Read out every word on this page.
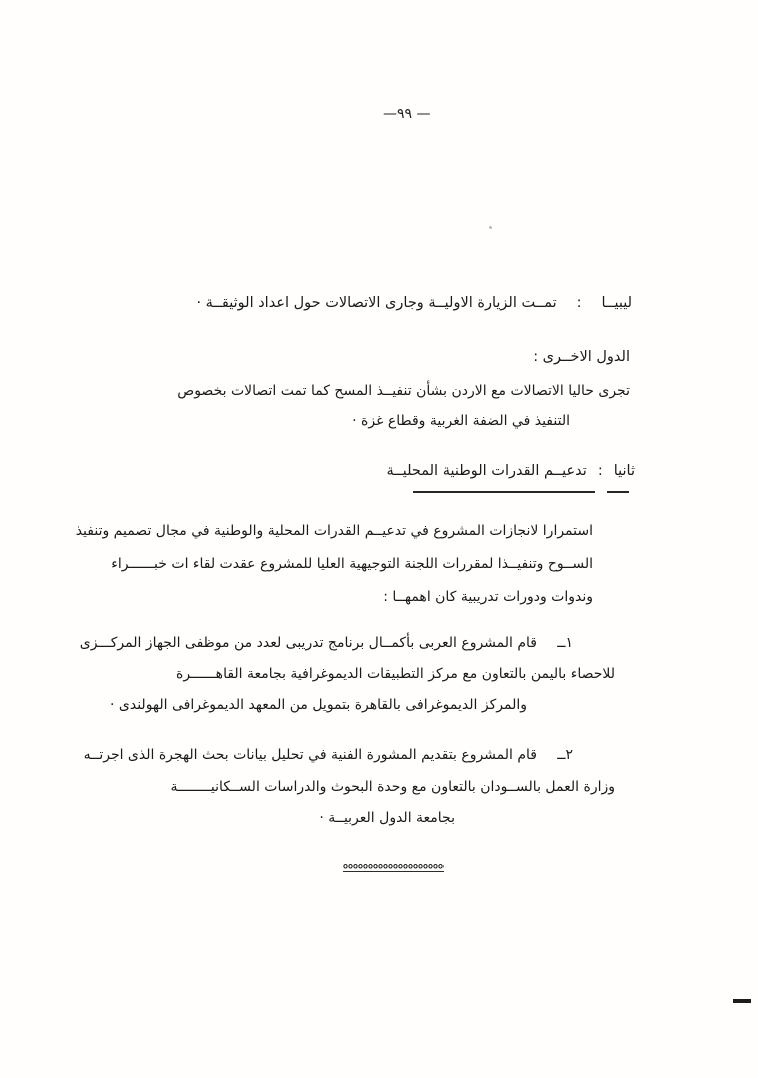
—٩٩ —
ليبيــا
:
تمــت الزيارة الاوليــة وجارى الاتصالات حول اعداد الوثيقــة ·
الدول الاخــرى :
تجرى حاليا الاتصالات مع الاردن بشأن تنفيــذ المسح كما تمت اتصالات بخصوص
التنفيذ في الضفة الغربية وقطاع غزة ·
ثانيا
:
تدعيــم القدرات الوطنية المحليــة
استمرارا لانجازات المشروع في تدعيــم القدرات المحلية والوطنية في مجال تصميم وتنفيذ
الســوح وتنفيــذا لمقررات اللجنة التوجيهية العليا للمشروع عقدت لقاء ات خبــــــراء
وندوات ودورات تدريبية كان اهمهــا :
١ــ
قام المشروع العربى بأكمــال برنامج تدريبى لعدد من موظفى الجهاز المركـــزى
للاحصاء باليمن بالتعاون مع مركز التطبيقات الديموغرافية بجامعة القاهــــــرة
والمركز الديموغرافى بالقاهرة بتمويل من المعهد الديموغرافى الهولندى ·
٢ــ
قام المشروع بتقديم المشورة الفنية في تحليل بيانات بحث الهجرة الذى اجرتــه
وزارة العمل بالســودان بالتعاون مع وحدة البحوث والدراسات الســكانيــــــــة
بجامعة الدول العربيــة ·
